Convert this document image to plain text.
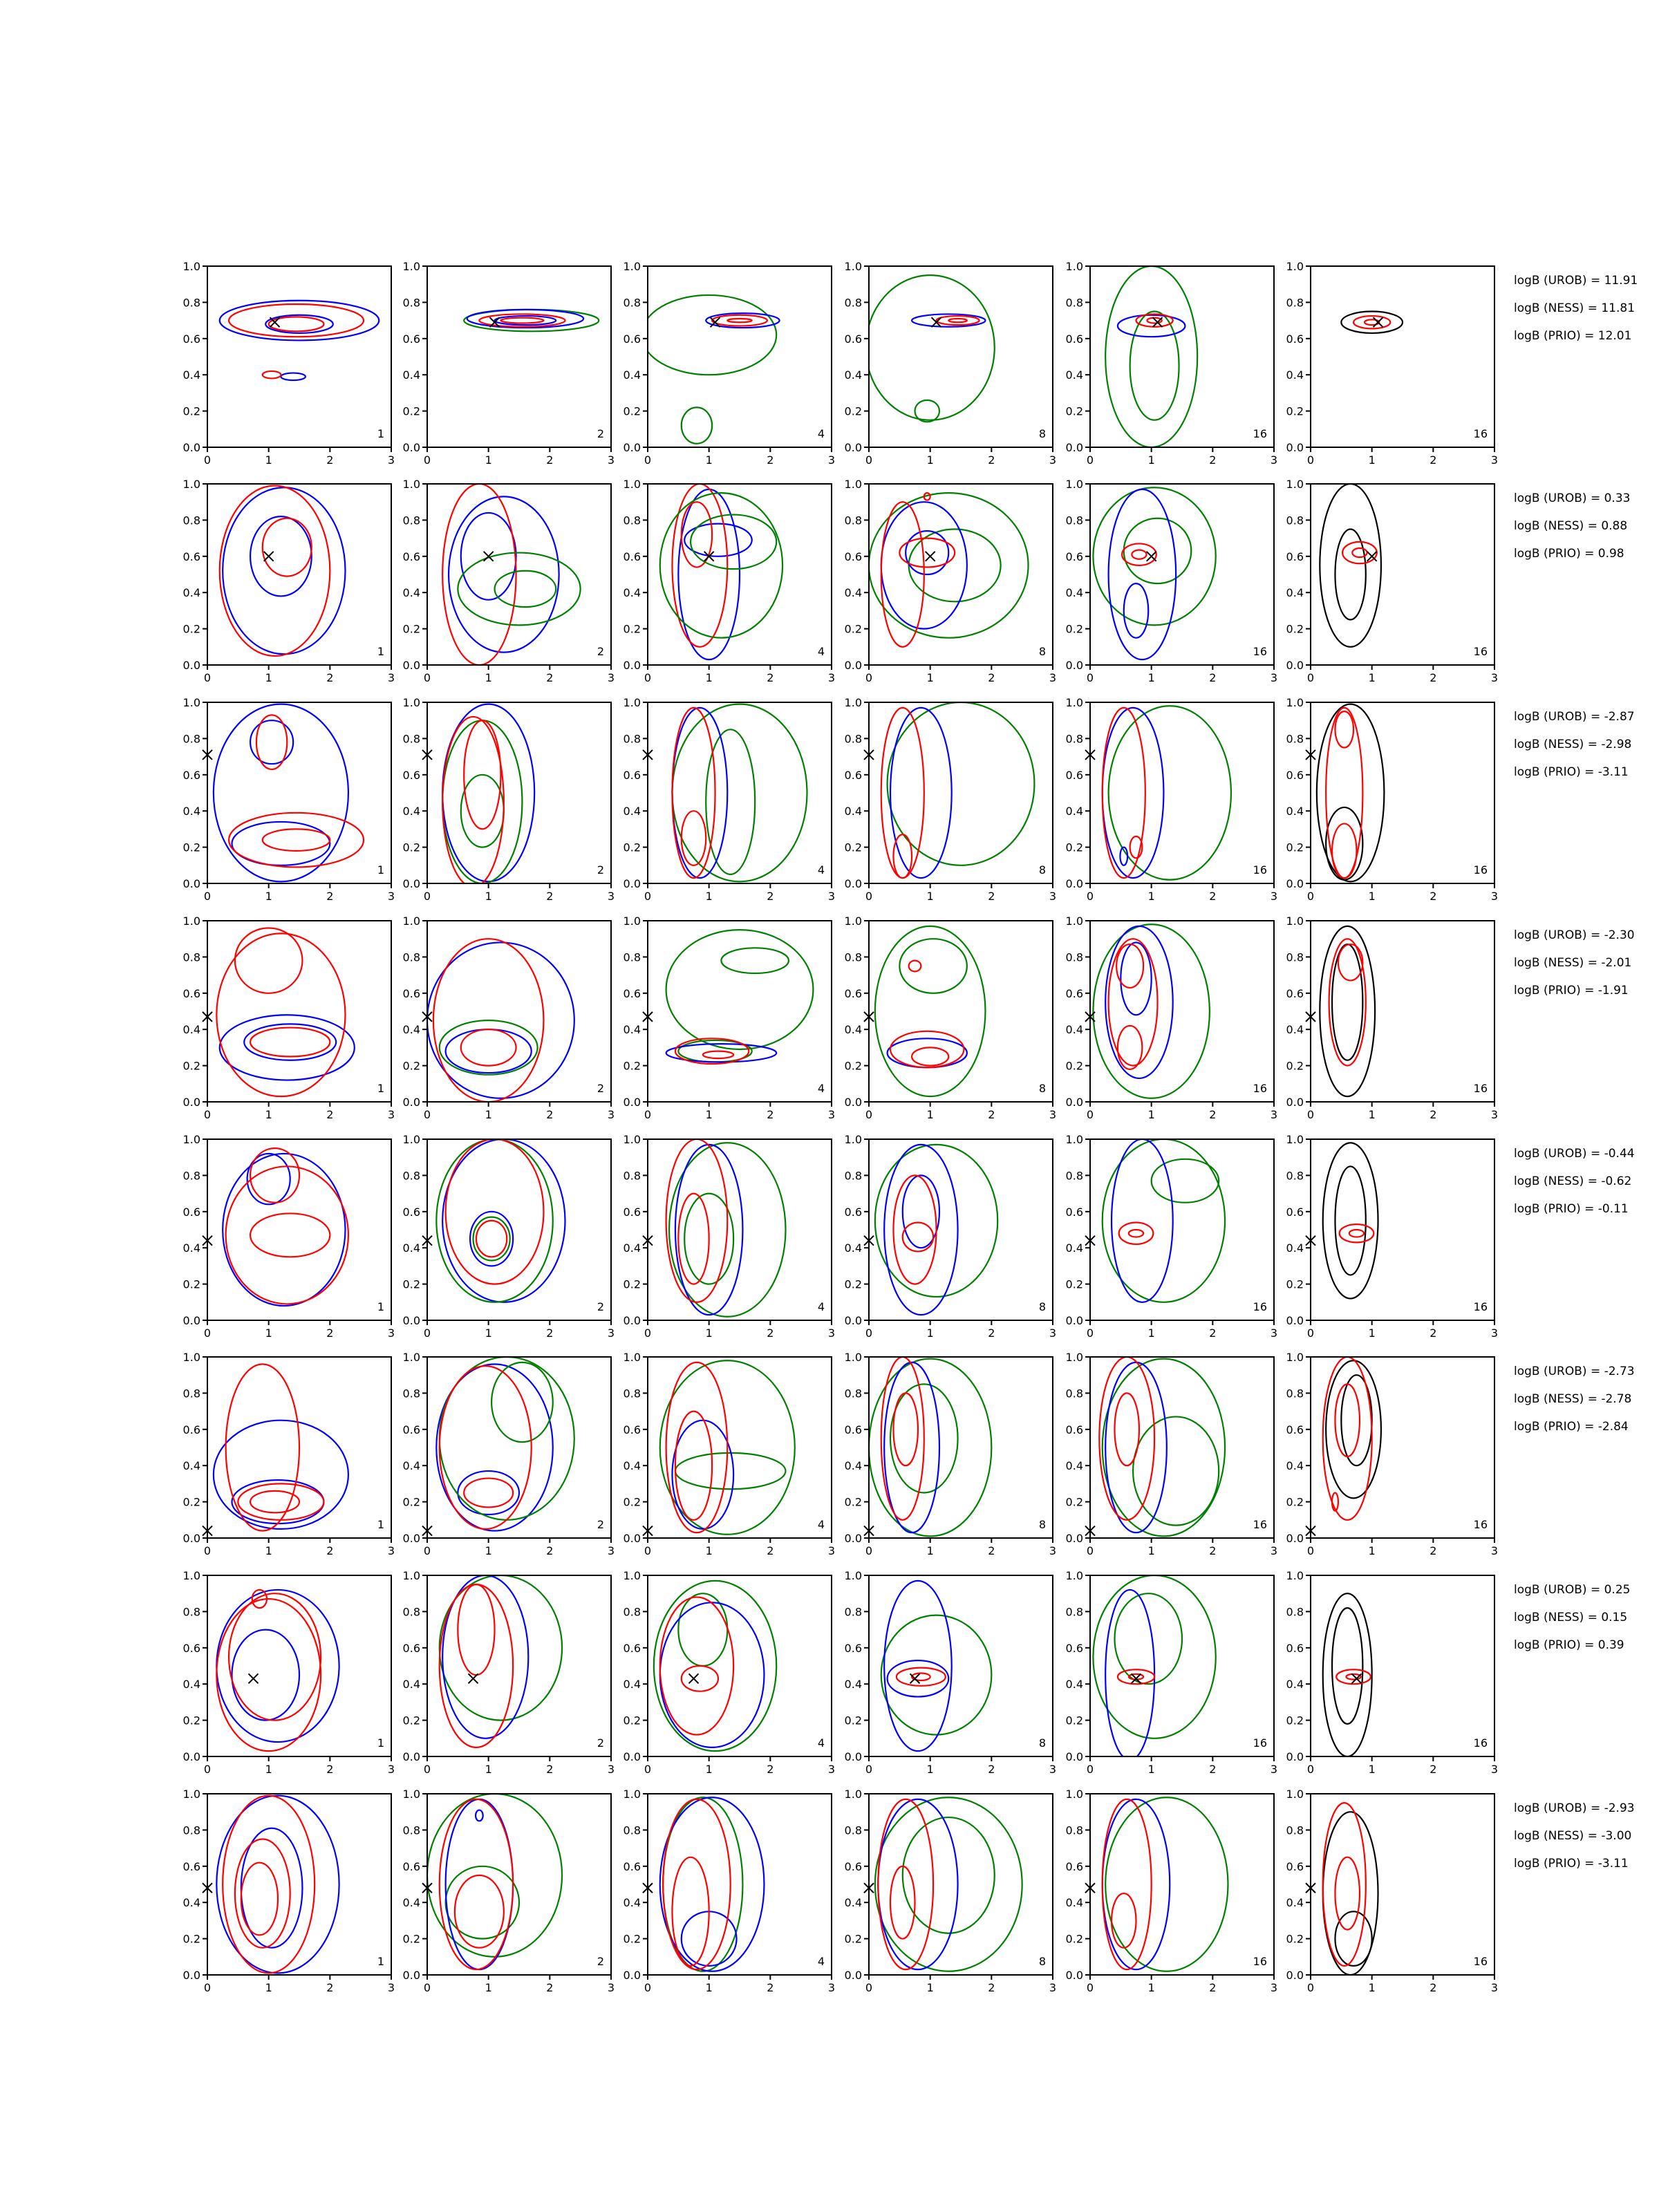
0	1	2	3
0.0
0.2
0.4
0.6
0.8
1.0
1
0	1	2	3
0.0
0.2
0.4
0.6
0.8
1.0
2
0	1	2	3
0.0
0.2
0.4
0.6
0.8
1.0
4
0	1	2	3
0.0
0.2
0.4
0.6
0.8
1.0
8
0	1	2	3
0.0
0.2
0.4
0.6
0.8
1.0
16
0	1	2	3
0.0
0.2
0.4
0.6
0.8
1.0
16
logB (UROB) = 11.91
logB (NESS) = 11.81
logB (PRIO) = 12.01
0	1	2	3
0.0
0.2
0.4
0.6
0.8
1.0
1
0	1	2	3
0.0
0.2
0.4
0.6
0.8
1.0
2
0	1	2	3
0.0
0.2
0.4
0.6
0.8
1.0
4
0	1	2	3
0.0
0.2
0.4
0.6
0.8
1.0
8
0	1	2	3
0.0
0.2
0.4
0.6
0.8
1.0
16
0	1	2	3
0.0
0.2
0.4
0.6
0.8
1.0
16
logB (UROB) = 0.33
logB (NESS) = 0.88
logB (PRIO) = 0.98
0	1	2	3
0.0
0.2
0.4
0.6
0.8
1.0
1
0	1	2	3
0.0
0.2
0.4
0.6
0.8
1.0
2
0	1	2	3
0.0
0.2
0.4
0.6
0.8
1.0
4
0	1	2	3
0.0
0.2
0.4
0.6
0.8
1.0
8
0	1	2	3
0.0
0.2
0.4
0.6
0.8
1.0
16
0	1	2	3
0.0
0.2
0.4
0.6
0.8
1.0
16
logB (UROB) = -2.87
logB (NESS) = -2.98
logB (PRIO) = -3.11
0	1	2	3
0.0
0.2
0.4
0.6
0.8
1.0
1
0	1	2	3
0.0
0.2
0.4
0.6
0.8
1.0
2
0	1	2	3
0.0
0.2
0.4
0.6
0.8
1.0
4
0	1	2	3
0.0
0.2
0.4
0.6
0.8
1.0
8
0	1	2	3
0.0
0.2
0.4
0.6
0.8
1.0
16
0	1	2	3
0.0
0.2
0.4
0.6
0.8
1.0
16
logB (UROB) = -2.30
logB (NESS) = -2.01
logB (PRIO) = -1.91
0	1	2	3
0.0
0.2
0.4
0.6
0.8
1.0
1
0	1	2	3
0.0
0.2
0.4
0.6
0.8
1.0
2
0	1	2	3
0.0
0.2
0.4
0.6
0.8
1.0
4
0	1	2	3
0.0
0.2
0.4
0.6
0.8
1.0
8
0	1	2	3
0.0
0.2
0.4
0.6
0.8
1.0
16
0	1	2	3
0.0
0.2
0.4
0.6
0.8
1.0
16
logB (UROB) = -0.44
logB (NESS) = -0.62
logB (PRIO) = -0.11
0	1	2	3
0.0
0.2
0.4
0.6
0.8
1.0
1
0	1	2	3
0.0
0.2
0.4
0.6
0.8
1.0
2
0	1	2	3
0.0
0.2
0.4
0.6
0.8
1.0
4
0	1	2	3
0.0
0.2
0.4
0.6
0.8
1.0
8
0	1	2	3
0.0
0.2
0.4
0.6
0.8
1.0
16
0	1	2	3
0.0
0.2
0.4
0.6
0.8
1.0
16
logB (UROB) = -2.73
logB (NESS) = -2.78
logB (PRIO) = -2.84
0	1	2	3
0.0
0.2
0.4
0.6
0.8
1.0
1
0	1	2	3
0.0
0.2
0.4
0.6
0.8
1.0
2
0	1	2	3
0.0
0.2
0.4
0.6
0.8
1.0
4
0	1	2	3
0.0
0.2
0.4
0.6
0.8
1.0
8
0	1	2	3
0.0
0.2
0.4
0.6
0.8
1.0
16
0	1	2	3
0.0
0.2
0.4
0.6
0.8
1.0
16
logB (UROB) = 0.25
logB (NESS) = 0.15
logB (PRIO) = 0.39
0	1	2	3
0.0
0.2
0.4
0.6
0.8
1.0
1
0	1	2	3
0.0
0.2
0.4
0.6
0.8
1.0
2
0	1	2	3
0.0
0.2
0.4
0.6
0.8
1.0
4
0	1	2	3
0.0
0.2
0.4
0.6
0.8
1.0
8
0	1	2	3
0.0
0.2
0.4
0.6
0.8
1.0
16
0	1	2	3
0.0
0.2
0.4
0.6
0.8
1.0
16
logB (UROB) = -2.93
logB (NESS) = -3.00
logB (PRIO) = -3.11
